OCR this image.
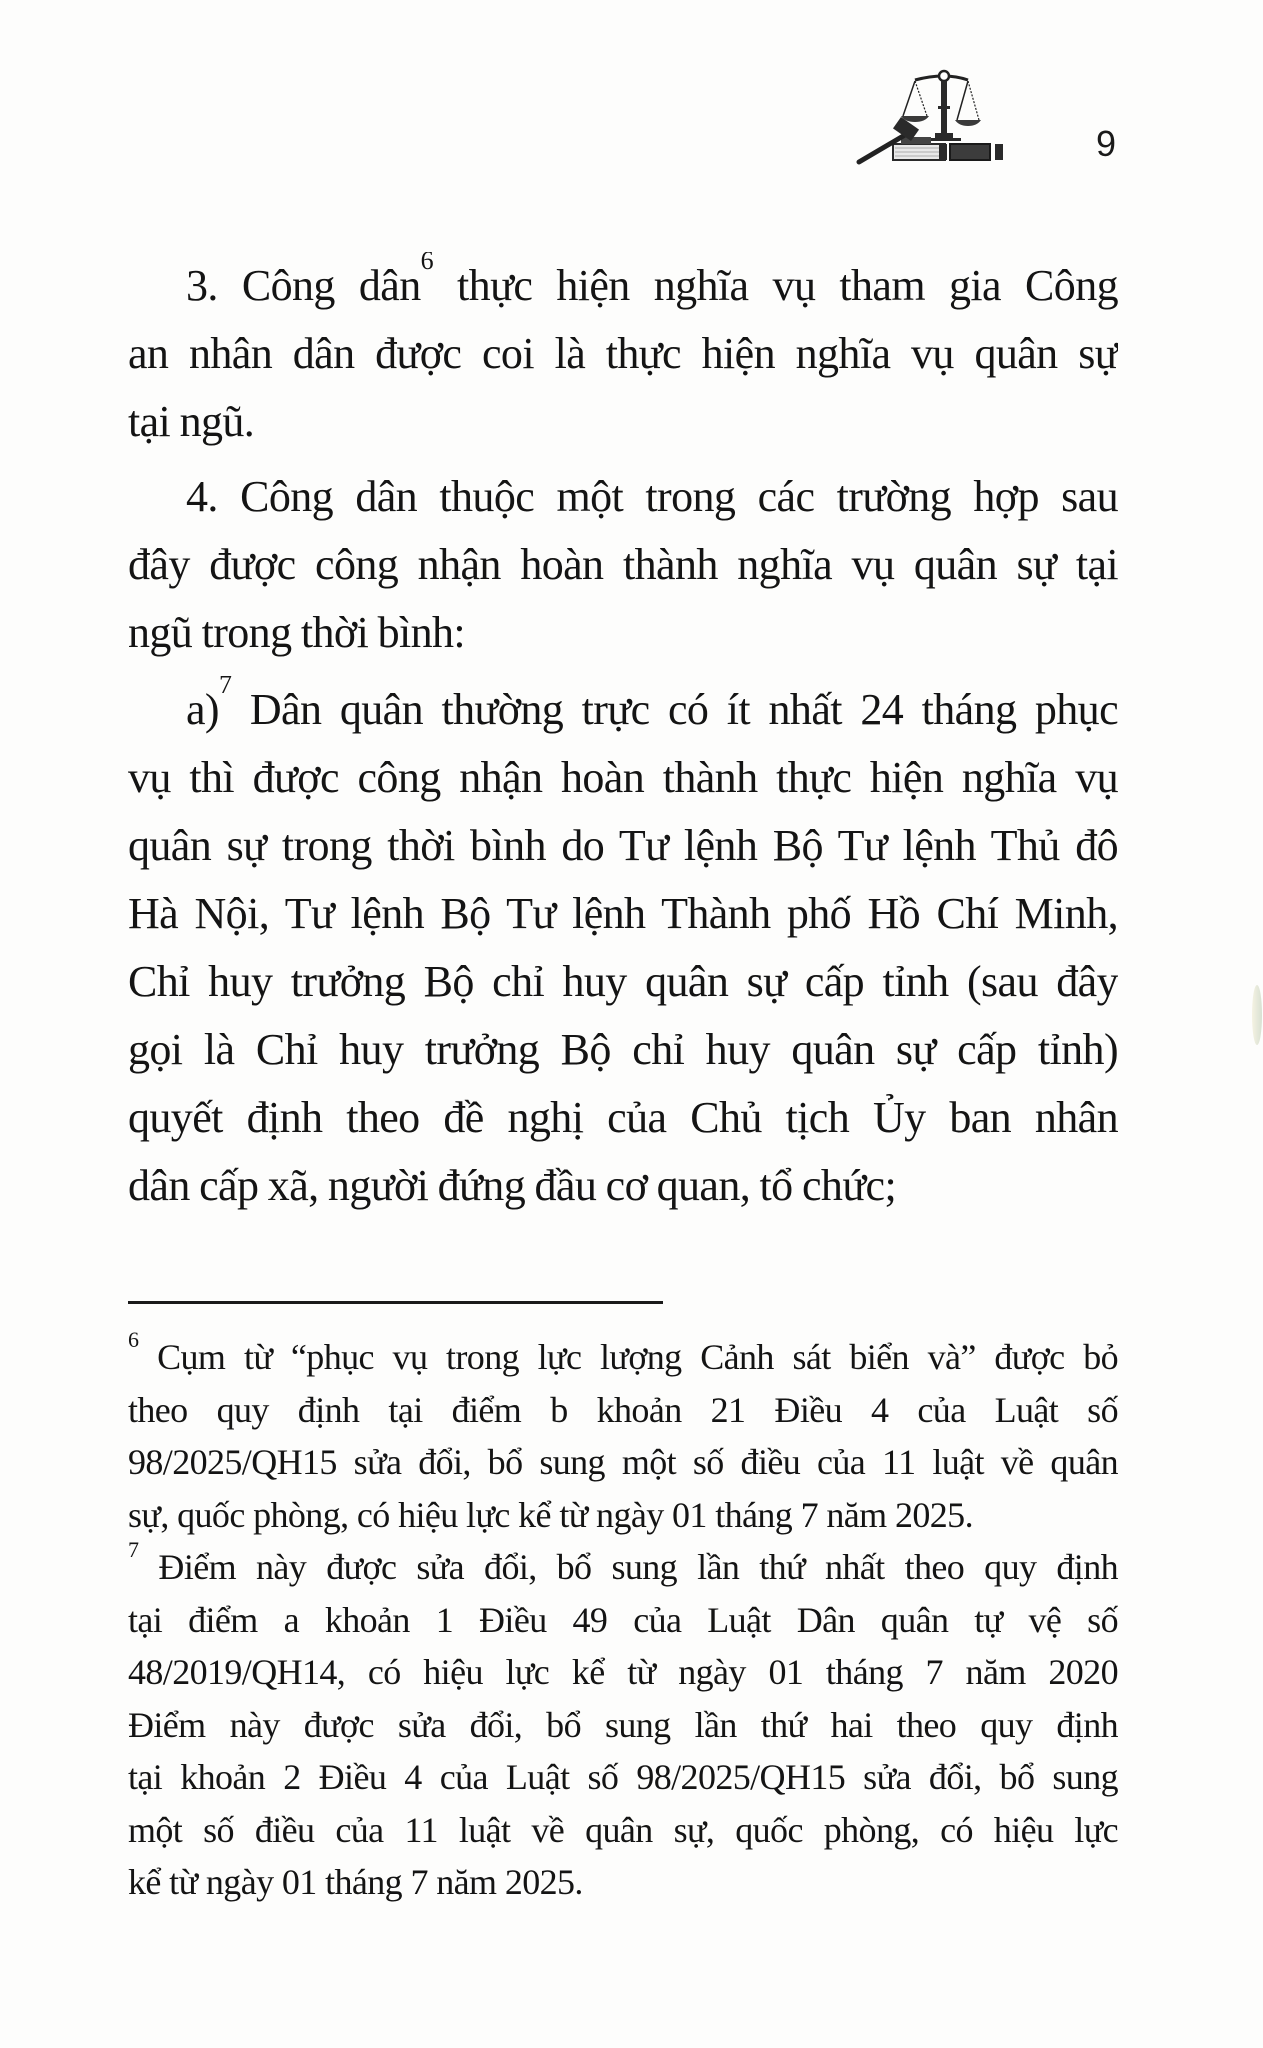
9
3. Công dân$^6$ thực hiện nghĩa vụ tham gia Công
an nhân dân được coi là thực hiện nghĩa vụ quân sự
tại ngũ.
4. Công dân thuộc một trong các trường hợp sau
đây được công nhận hoàn thành nghĩa vụ quân sự tại
ngũ trong thời bình:
a)$^7$ Dân quân thường trực có ít nhất 24 tháng phục
vụ thì được công nhận hoàn thành thực hiện nghĩa vụ
quân sự trong thời bình do Tư lệnh Bộ Tư lệnh Thủ đô
Hà Nội, Tư lệnh Bộ Tư lệnh Thành phố Hồ Chí Minh,
Chỉ huy trưởng Bộ chỉ huy quân sự cấp tỉnh (sau đây
gọi là Chỉ huy trưởng Bộ chỉ huy quân sự cấp tỉnh)
quyết định theo đề nghị của Chủ tịch Ủy ban nhân
dân cấp xã, người đứng đầu cơ quan, tổ chức;
$^6$ Cụm từ “phục vụ trong lực lượng Cảnh sát biển và” được bỏ
theo quy định tại điểm b khoản 21 Điều 4 của Luật số
98/2025/QH15 sửa đổi, bổ sung một số điều của 11 luật về quân
sự, quốc phòng, có hiệu lực kể từ ngày 01 tháng 7 năm 2025.
$^7$ Điểm này được sửa đổi, bổ sung lần thứ nhất theo quy định
tại điểm a khoản 1 Điều 49 của Luật Dân quân tự vệ số
48/2019/QH14, có hiệu lực kể từ ngày 01 tháng 7 năm 2020
Điểm này được sửa đổi, bổ sung lần thứ hai theo quy định
tại khoản 2 Điều 4 của Luật số 98/2025/QH15 sửa đổi, bổ sung
một số điều của 11 luật về quân sự, quốc phòng, có hiệu lực
kể từ ngày 01 tháng 7 năm 2025.
